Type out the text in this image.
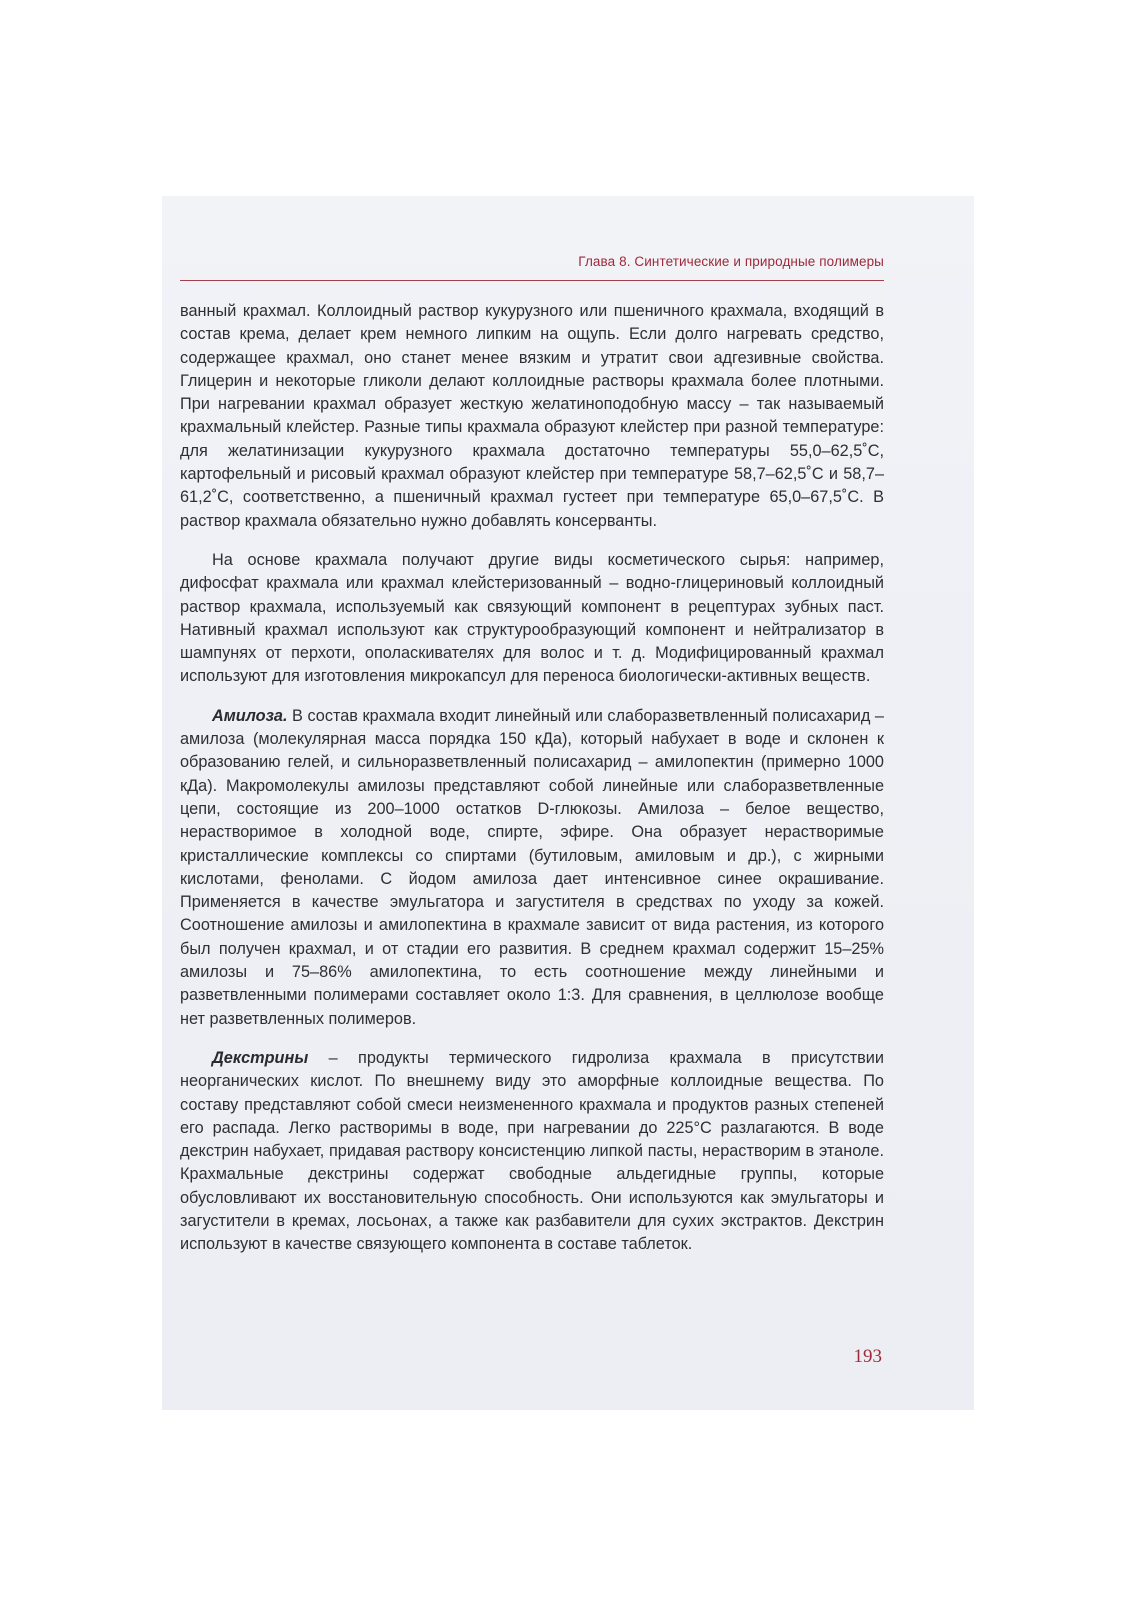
Глава 8. Синтетические и природные полимеры

ванный крахмал. Коллоидный раствор кукурузного или пшеничного крахмала, входящий в состав крема, делает крем немного липким на ощупь. Если долго нагревать средство, содержащее крахмал, оно станет менее вязким и утратит свои адгезивные свойства. Глицерин и некоторые гликоли делают коллоидные растворы крахмала более плотными. При нагревании крахмал образует жесткую желатиноподобную массу – так называемый крахмальный клейстер. Разные типы крахмала образуют клейстер при разной температуре: для желатинизации кукурузного крахмала достаточно температуры 55,0–62,5˚С, картофельный и рисовый крахмал образуют клейстер при температуре 58,7–62,5˚С и 58,7–61,2˚С, соответственно, а пшеничный крахмал густеет при температуре 65,0–67,5˚С. В раствор крахмала обязательно нужно добавлять консерванты.

На основе крахмала получают другие виды косметического сырья: например, дифосфат крахмала или крахмал клейстеризованный – водно-глицериновый коллоидный раствор крахмала, используемый как связующий компонент в рецептурах зубных паст. Нативный крахмал используют как структурообразующий компонент и нейтрализатор в шампунях от перхоти, ополаскивателях для волос и т. д. Модифицированный крахмал используют для изготовления микрокапсул для переноса биологически-активных веществ.

Амилоза. В состав крахмала входит линейный или слаборазветвленный полисахарид – амилоза (молекулярная масса порядка 150 кДа), который набухает в воде и склонен к образованию гелей, и сильноразветвленный полисахарид – амилопектин (примерно 1000 кДа). Макромолекулы амилозы представляют собой линейные или слаборазветвленные цепи, состоящие из 200–1000 остатков D-глюкозы. Амилоза – белое вещество, нерастворимое в холодной воде, спирте, эфире. Она образует нерастворимые кристаллические комплексы со спиртами (бутиловым, амиловым и др.), с жирными кислотами, фенолами. С йодом амилоза дает интенсивное синее окрашивание. Применяется в качестве эмульгатора и загустителя в средствах по уходу за кожей. Соотношение амилозы и амилопектина в крахмале зависит от вида растения, из которого был получен крахмал, и от стадии его развития. В среднем крахмал содержит 15–25% амилозы и 75–86% амилопектина, то есть соотношение между линейными и разветвленными полимерами составляет около 1:3. Для сравнения, в целлюлозе вообще нет разветвленных полимеров.

Декстрины – продукты термического гидролиза крахмала в присутствии неорганических кислот. По внешнему виду это аморфные коллоидные вещества. По составу представляют собой смеси неизмененного крахмала и продуктов разных степеней его распада. Легко растворимы в воде, при нагревании до 225°С разлагаются. В воде декстрин набухает, придавая раствору консистенцию липкой пасты, нерастворим в этаноле. Крахмальные декстрины содержат свободные альдегидные группы, которые обусловливают их восстановительную способность. Они используются как эмульгаторы и загустители в кремах, лосьонах, а также как разбавители для сухих экстрактов. Декстрин используют в качестве связующего компонента в составе таблеток.

193
